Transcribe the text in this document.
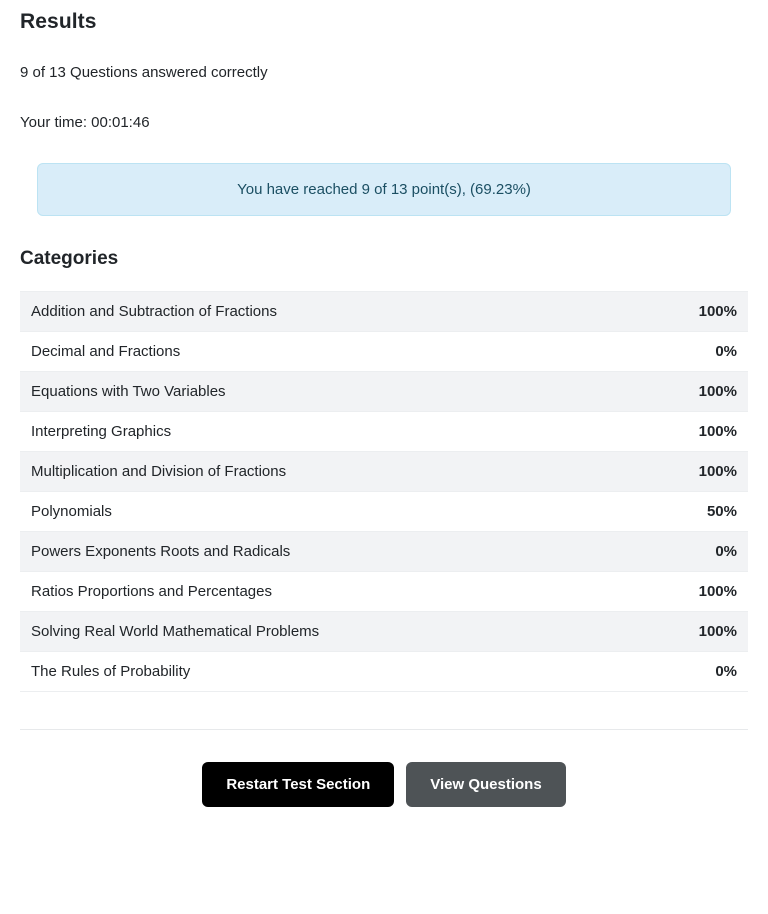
Results
9 of 13 Questions answered correctly
Your time: 00:01:46
You have reached 9 of 13 point(s), (69.23%)
Categories
Addition and Subtraction of Fractions	100%
Decimal and Fractions	0%
Equations with Two Variables	100%
Interpreting Graphics	100%
Multiplication and Division of Fractions	100%
Polynomials	50%
Powers Exponents Roots and Radicals	0%
Ratios Proportions and Percentages	100%
Solving Real World Mathematical Problems	100%
The Rules of Probability	0%
Restart Test Section	View Questions
